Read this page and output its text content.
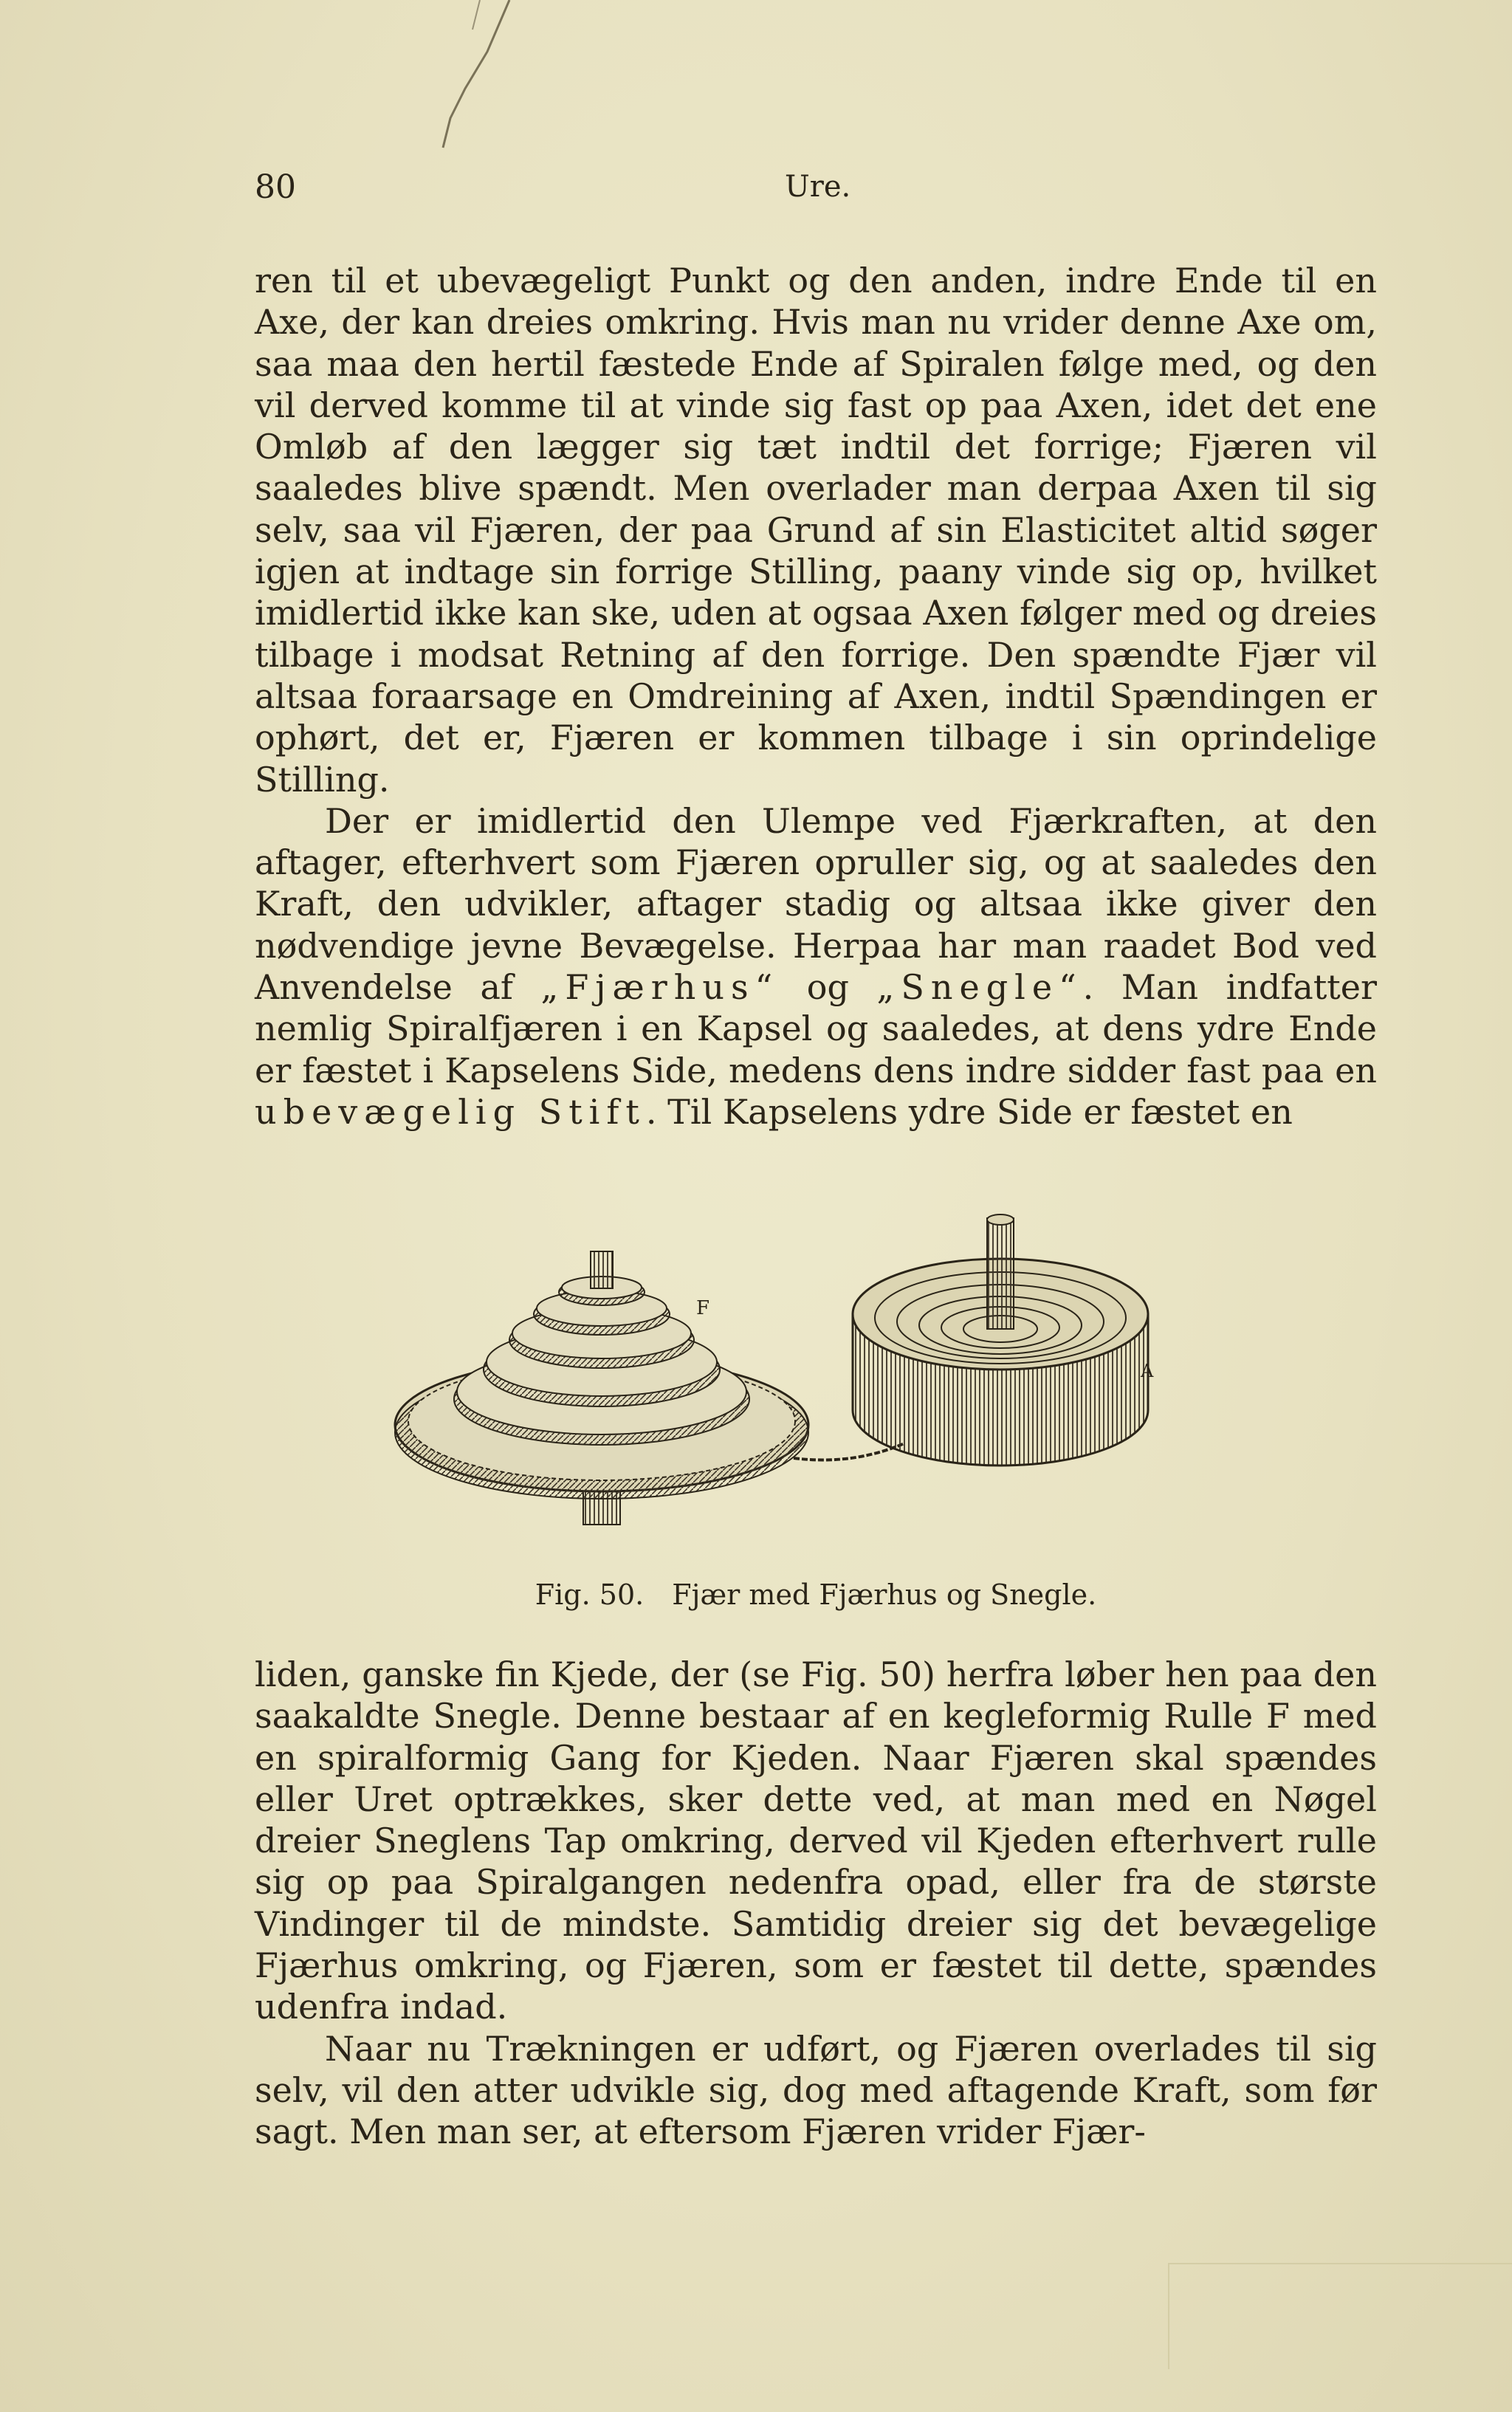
80	Ure.

ren til et ubevægeligt Punkt og den anden, indre Ende til en Axe, der kan dreies omkring. Hvis man nu vrider denne Axe om, saa maa den hertil fæstede Ende af Spiralen følge med, og den vil derved komme til at vinde sig fast op paa Axen, idet det ene Omløb af den lægger sig tæt indtil det forrige; Fjæren vil saaledes blive spændt. Men overlader man derpaa Axen til sig selv, saa vil Fjæren, der paa Grund af sin Elasticitet altid søger igjen at indtage sin forrige Stilling, paany vinde sig op, hvilket imidlertid ikke kan ske, uden at ogsaa Axen følger med og dreies tilbage i modsat Retning af den forrige. Den spændte Fjær vil altsaa foraarsage en Omdreining af Axen, indtil Spændingen er ophørt, det er, Fjæren er kommen tilbage i sin oprindelige Stilling.

Der er imidlertid den Ulempe ved Fjærkraften, at den aftager, efterhvert som Fjæren opruller sig, og at saaledes den Kraft, den udvikler, aftager stadig og altsaa ikke giver den nødvendige jevne Bevægelse. Herpaa har man raadet Bod ved Anvendelse af „Fjærhus“ og „Snegle“. Man indfatter nemlig Spiralfjæren i en Kapsel og saaledes, at dens ydre Ende er fæstet i Kapselens Side, medens dens indre sidder fast paa en ubevægelig Stift. Til Kapselens ydre Side er fæstet en

F
A
Fig. 50. Fjær med Fjærhus og Snegle.

liden, ganske fin Kjede, der (se Fig. 50) herfra løber hen paa den saakaldte Snegle. Denne bestaar af en kegleformig Rulle F med en spiralformig Gang for Kjeden. Naar Fjæren skal spændes eller Uret optrækkes, sker dette ved, at man med en Nøgel dreier Sneglens Tap omkring, derved vil Kjeden efterhvert rulle sig op paa Spiralgangen nedenfra opad, eller fra de største Vindinger til de mindste. Samtidig dreier sig det bevægelige Fjærhus omkring, og Fjæren, som er fæstet til dette, spændes udenfra indad.

Naar nu Trækningen er udført, og Fjæren overlades til sig selv, vil den atter udvikle sig, dog med aftagende Kraft, som før sagt. Men man ser, at eftersom Fjæren vrider Fjær-
